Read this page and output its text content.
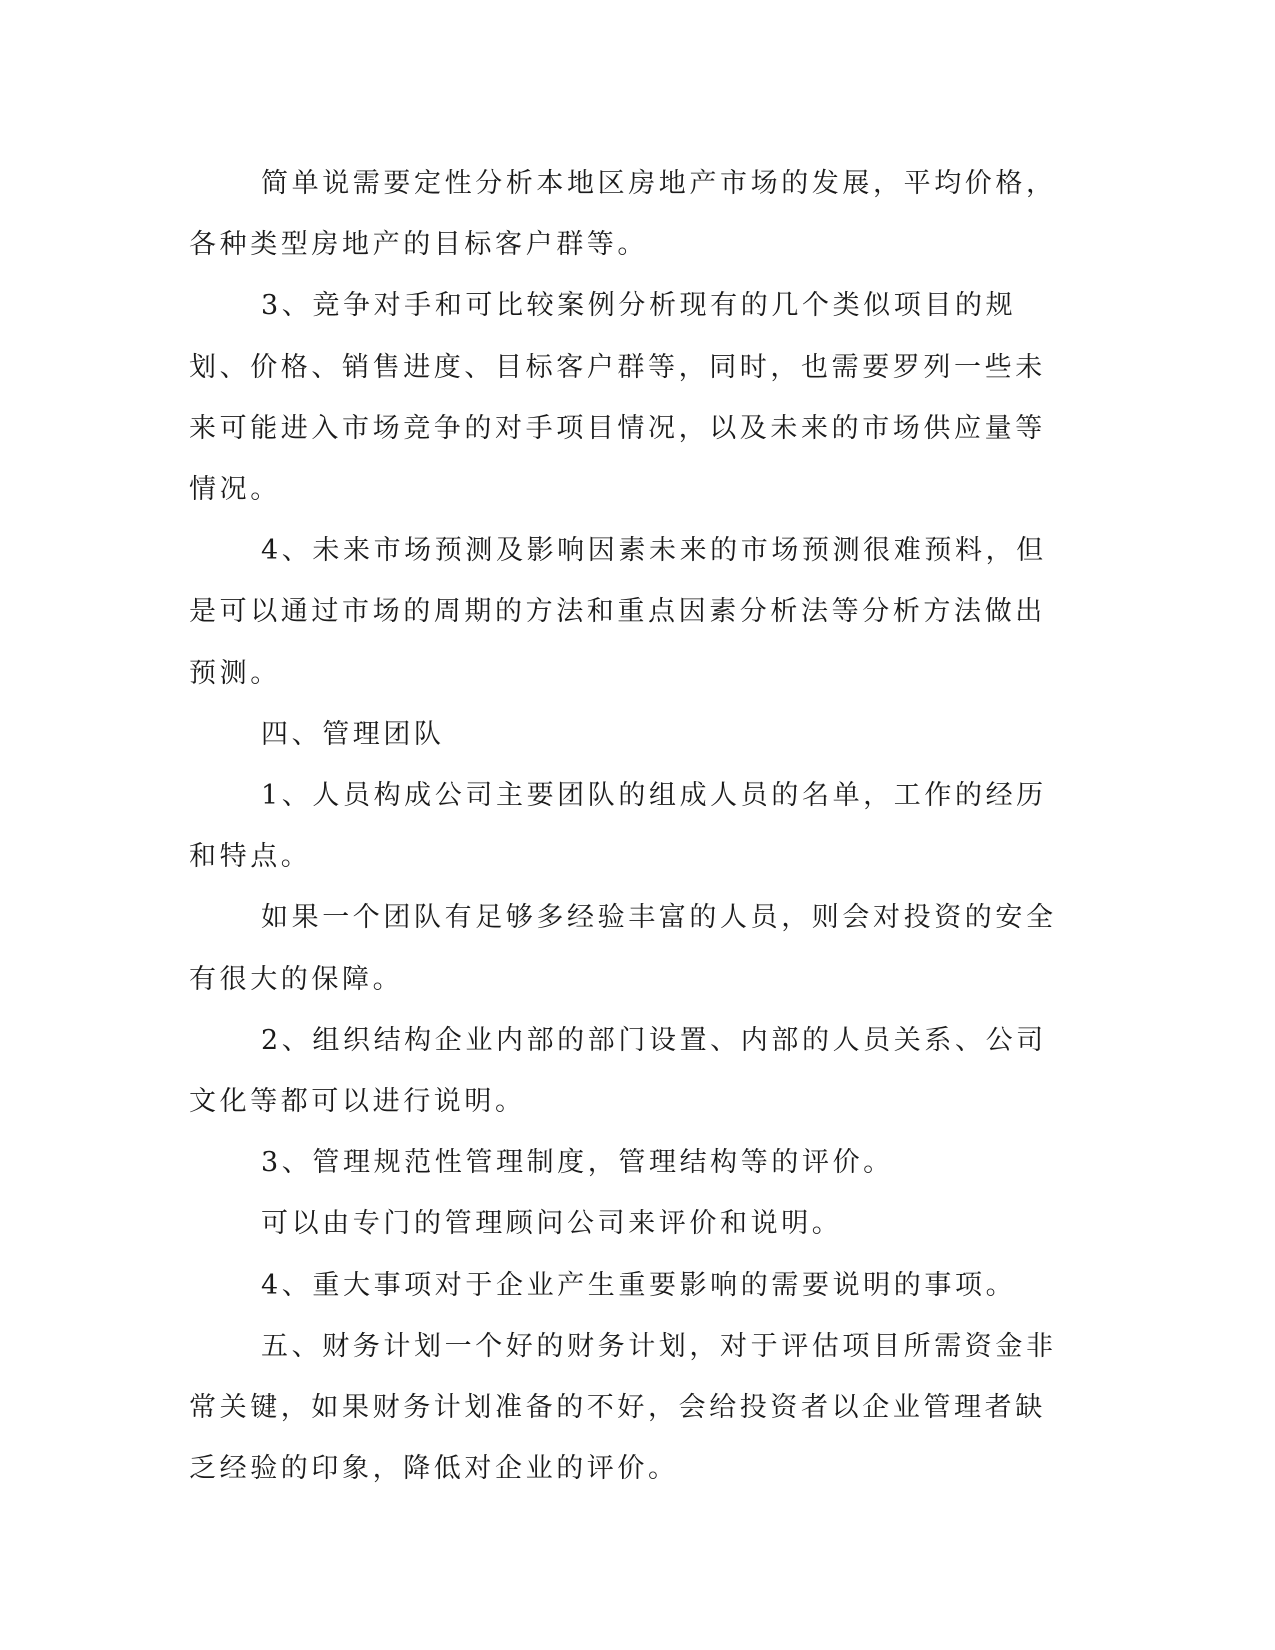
简单说需要定性分析本地区房地产市场的发展，平均价格，各种类型房地产的目标客户群等。

3、竞争对手和可比较案例分析现有的几个类似项目的规划、价格、销售进度、目标客户群等，同时，也需要罗列一些未来可能进入市场竞争的对手项目情况，以及未来的市场供应量等情况。

4、未来市场预测及影响因素未来的市场预测很难预料，但是可以通过市场的周期的方法和重点因素分析法等分析方法做出预测。

四、管理团队

1、人员构成公司主要团队的组成人员的名单，工作的经历和特点。

如果一个团队有足够多经验丰富的人员，则会对投资的安全有很大的保障。

2、组织结构企业内部的部门设置、内部的人员关系、公司文化等都可以进行说明。

3、管理规范性管理制度，管理结构等的评价。

可以由专门的管理顾问公司来评价和说明。

4、重大事项对于企业产生重要影响的需要说明的事项。

五、财务计划一个好的财务计划，对于评估项目所需资金非常关键，如果财务计划准备的不好，会给投资者以企业管理者缺乏经验的印象，降低对企业的评价。
